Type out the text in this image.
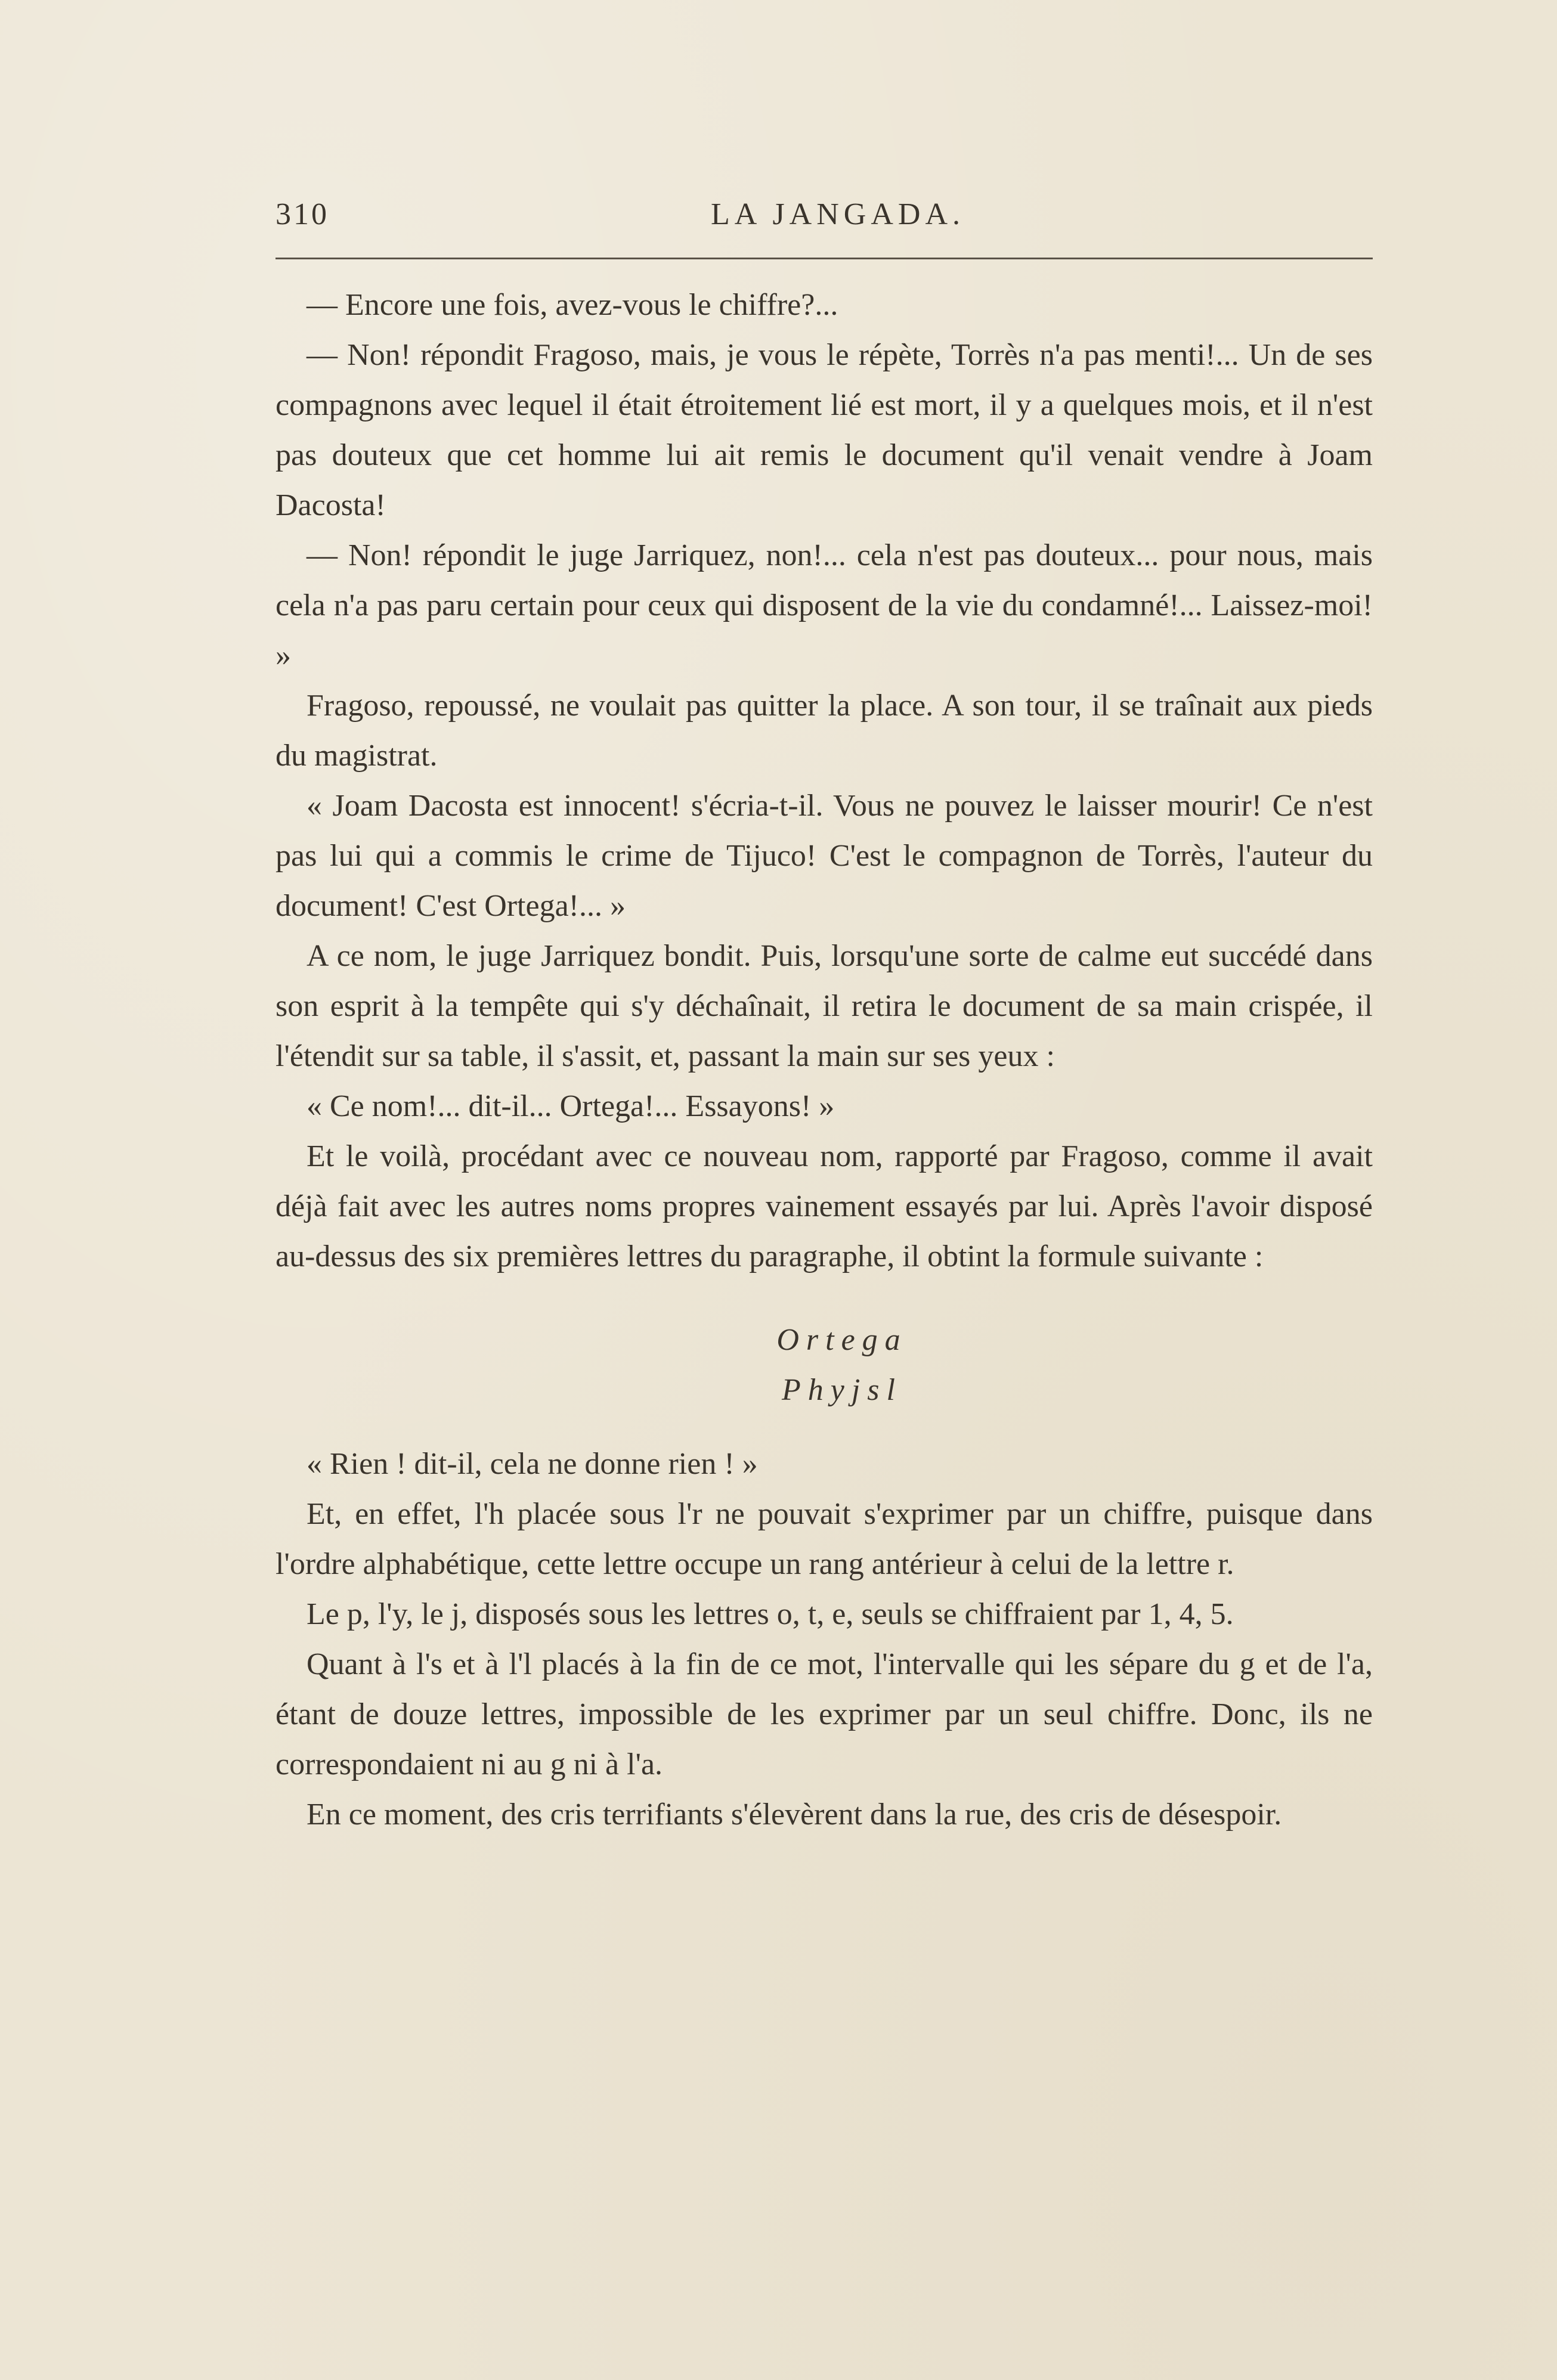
310	LA JANGADA.

— Encore une fois, avez-vous le chiffre?...

— Non! répondit Fragoso, mais, je vous le répète, Torrès n'a pas menti!... Un de ses compagnons avec lequel il était étroitement lié est mort, il y a quelques mois, et il n'est pas douteux que cet homme lui ait remis le document qu'il venait vendre à Joam Dacosta!

— Non! répondit le juge Jarriquez, non!... cela n'est pas douteux... pour nous, mais cela n'a pas paru certain pour ceux qui disposent de la vie du condamné!... Laissez-moi! »

Fragoso, repoussé, ne voulait pas quitter la place. A son tour, il se traînait aux pieds du magistrat.

« Joam Dacosta est innocent! s'écria-t-il. Vous ne pouvez le laisser mourir! Ce n'est pas lui qui a commis le crime de Tijuco! C'est le compagnon de Torrès, l'auteur du document! C'est Ortega!... »

A ce nom, le juge Jarriquez bondit. Puis, lorsqu'une sorte de calme eut succédé dans son esprit à la tempête qui s'y déchaînait, il retira le document de sa main crispée, il l'étendit sur sa table, il s'assit, et, passant la main sur ses yeux :

« Ce nom!... dit-il... Ortega!... Essayons! »

Et le voilà, procédant avec ce nouveau nom, rapporté par Fragoso, comme il avait déjà fait avec les autres noms propres vainement essayés par lui. Après l'avoir disposé au-dessus des six premières lettres du paragraphe, il obtint la formule suivante :

Ortega
Phyjsl

« Rien ! dit-il, cela ne donne rien ! »

Et, en effet, l'h placée sous l'r ne pouvait s'exprimer par un chiffre, puisque dans l'ordre alphabétique, cette lettre occupe un rang antérieur à celui de la lettre r.

Le p, l'y, le j, disposés sous les lettres o, t, e, seuls se chiffraient par 1, 4, 5.

Quant à l's et à l'l placés à la fin de ce mot, l'intervalle qui les sépare du g et de l'a, étant de douze lettres, impossible de les exprimer par un seul chiffre. Donc, ils ne correspondaient ni au g ni à l'a.

En ce moment, des cris terrifiants s'élevèrent dans la rue, des cris de désespoir.
